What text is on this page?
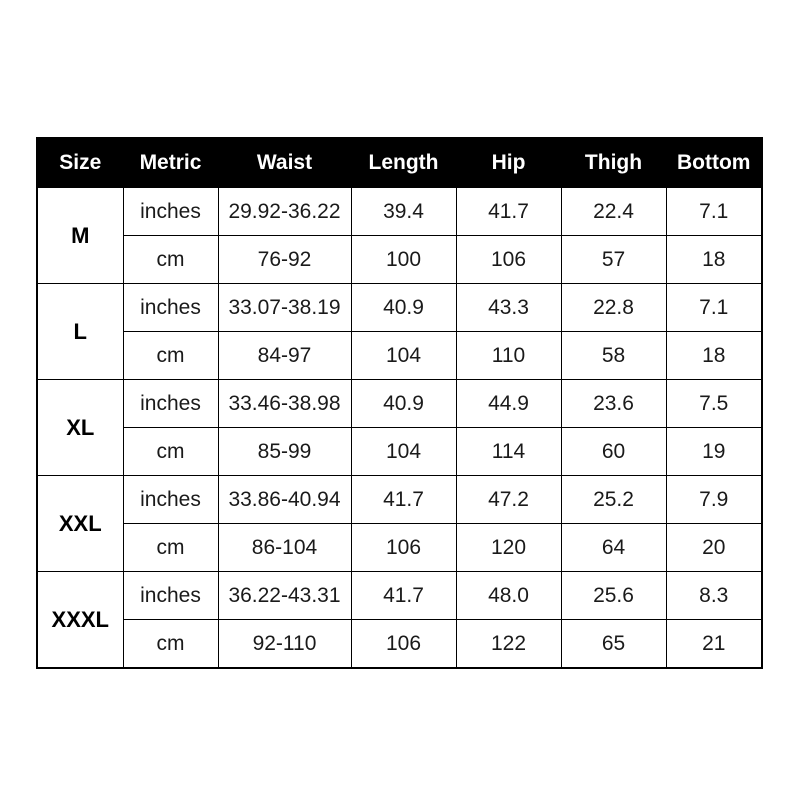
Size	Metric	Waist	Length	Hip	Thigh	Bottom
M	inches	29.92-36.22	39.4	41.7	22.4	7.1
	cm	76-92	100	106	57	18
L	inches	33.07-38.19	40.9	43.3	22.8	7.1
	cm	84-97	104	110	58	18
XL	inches	33.46-38.98	40.9	44.9	23.6	7.5
	cm	85-99	104	114	60	19
XXL	inches	33.86-40.94	41.7	47.2	25.2	7.9
	cm	86-104	106	120	64	20
XXXL	inches	36.22-43.31	41.7	48.0	25.6	8.3
	cm	92-110	106	122	65	21
